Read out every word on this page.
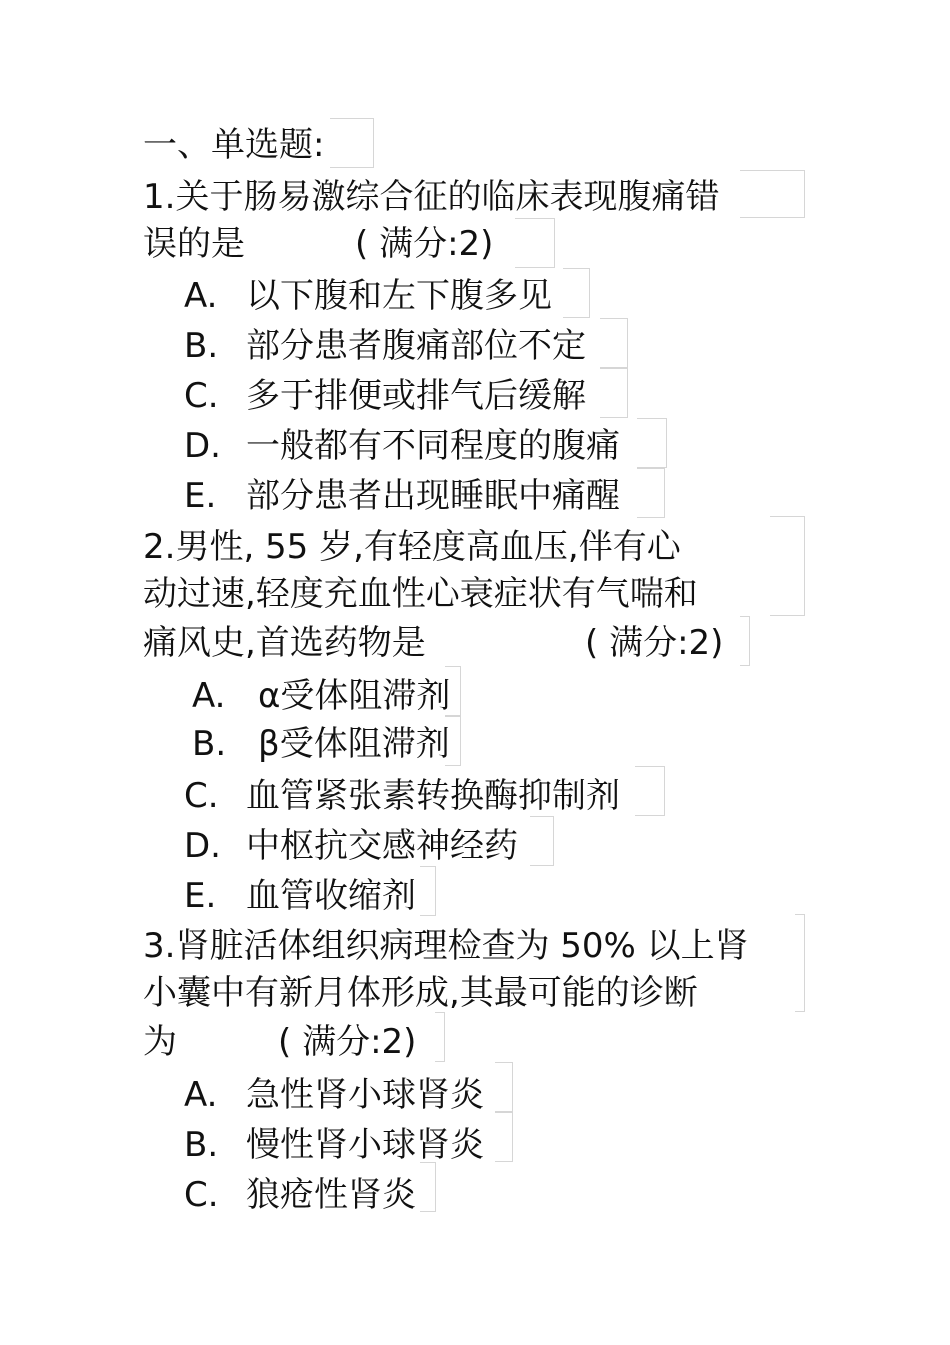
一、单选题:
1.关于肠易激综合征的临床表现腹痛错
误的是	( 满分:2)
A. 以下腹和左下腹多见
B. 部分患者腹痛部位不定
C. 多于排便或排气后缓解
D. 一般都有不同程度的腹痛
E. 部分患者出现睡眠中痛醒
2.男性, 55 岁,有轻度高血压,伴有心
动过速,轻度充血性心衰症状有气喘和
痛风史,首选药物是	( 满分:2)
A. α受体阻滞剂
B. β受体阻滞剂
C. 血管紧张素转换酶抑制剂
D. 中枢抗交感神经药
E. 血管收缩剂
3.肾脏活体组织病理检查为 50% 以上肾
小囊中有新月体形成,其最可能的诊断
为	( 满分:2)
A. 急性肾小球肾炎
B. 慢性肾小球肾炎
C. 狼疮性肾炎
